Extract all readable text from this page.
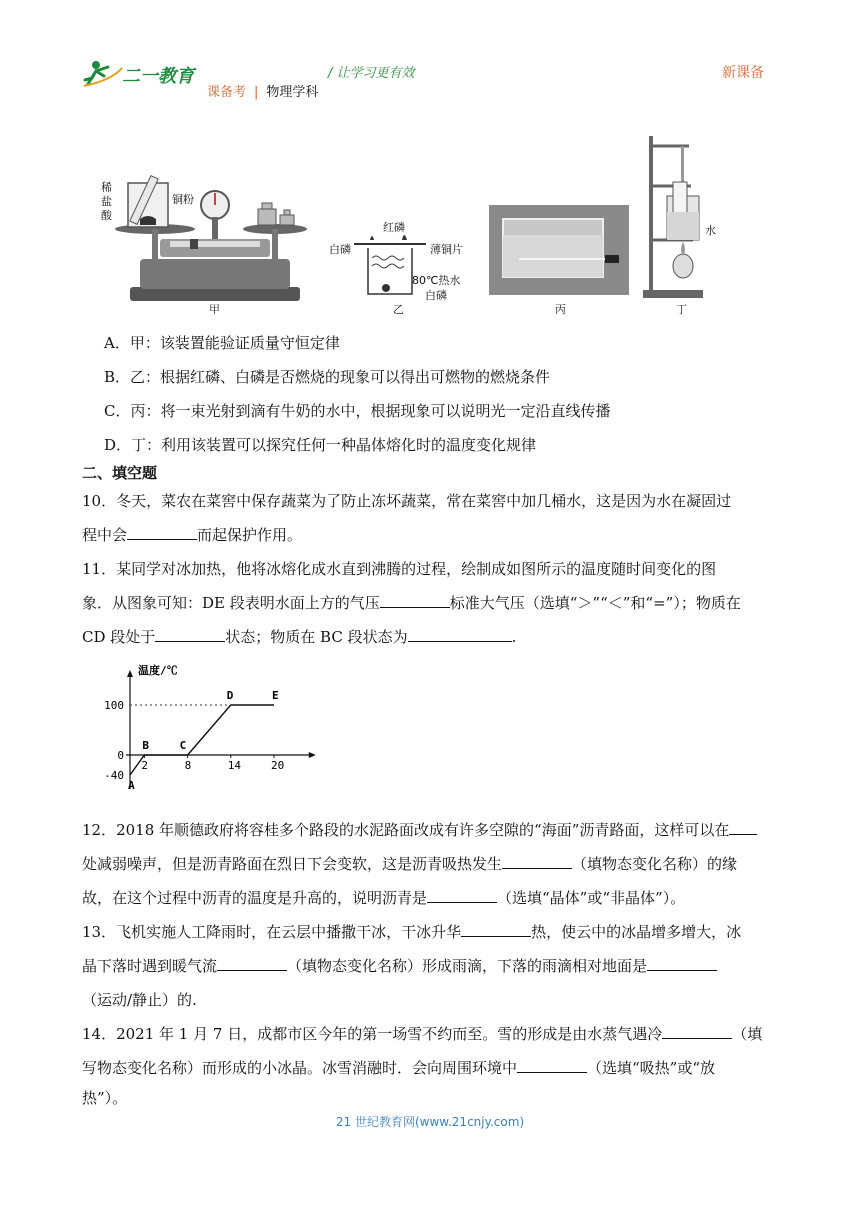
二一教育	/ 让学习更有效	新课备
课备考 | 物理学科
稀
盐
酸
铜粉
甲
红磷
白磷	薄铜片
80℃热水
白磷
乙	丙
水
丁
A．甲：该装置能验证质量守恒定律
B．乙：根据红磷、白磷是否燃烧的现象可以得出可燃物的燃烧条件
C．丙：将一束光射到滴有牛奶的水中，根据现象可以说明光一定沿直线传播
D．丁：利用该装置可以探究任何一种晶体熔化时的温度变化规律
二、填空题
10．冬天，菜农在菜窖中保存蔬菜为了防止冻坏蔬菜，常在菜窖中加几桶水，这是因为水在凝固过
程中会	而起保护作用。
11．某同学对冰加热，他将冰熔化成水直到沸腾的过程，绘制成如图所示的温度随时间变化的图
象．从图象可知：DE 段表明水面上方的气压	标准大气压（选填“＞”“＜”和“=”）；物质在
CD 段处于	状态；物质在 BC 段状态为	.
2	8	14	20
100
0
-40
A
B	C
D	E
温度/℃
12．2018 年顺德政府将容桂多个路段的水泥路面改成有许多空隙的“海面”沥青路面，这样可以在
处减弱噪声，但是沥青路面在烈日下会变软，这是沥青吸热发生	（填物态变化名称）的缘
故，在这个过程中沥青的温度是升高的，说明沥青是	（选填“晶体”或“非晶体”）。
13．飞机实施人工降雨时，在云层中播撒干冰，干冰升华	热，使云中的冰晶增多增大，冰
晶下落时遇到暖气流	（填物态变化名称）形成雨滴，下落的雨滴相对地面是
（运动/静止）的.
14．2021 年 1 月 7 日，成都市区今年的第一场雪不约而至。雪的形成是由水蒸气遇冷	（填
写物态变化名称）而形成的小冰晶。冰雪消融时．会向周围环境中	（选填“吸热”或“放
热”）。
21 世纪教育网(www.21cnjy.com)
